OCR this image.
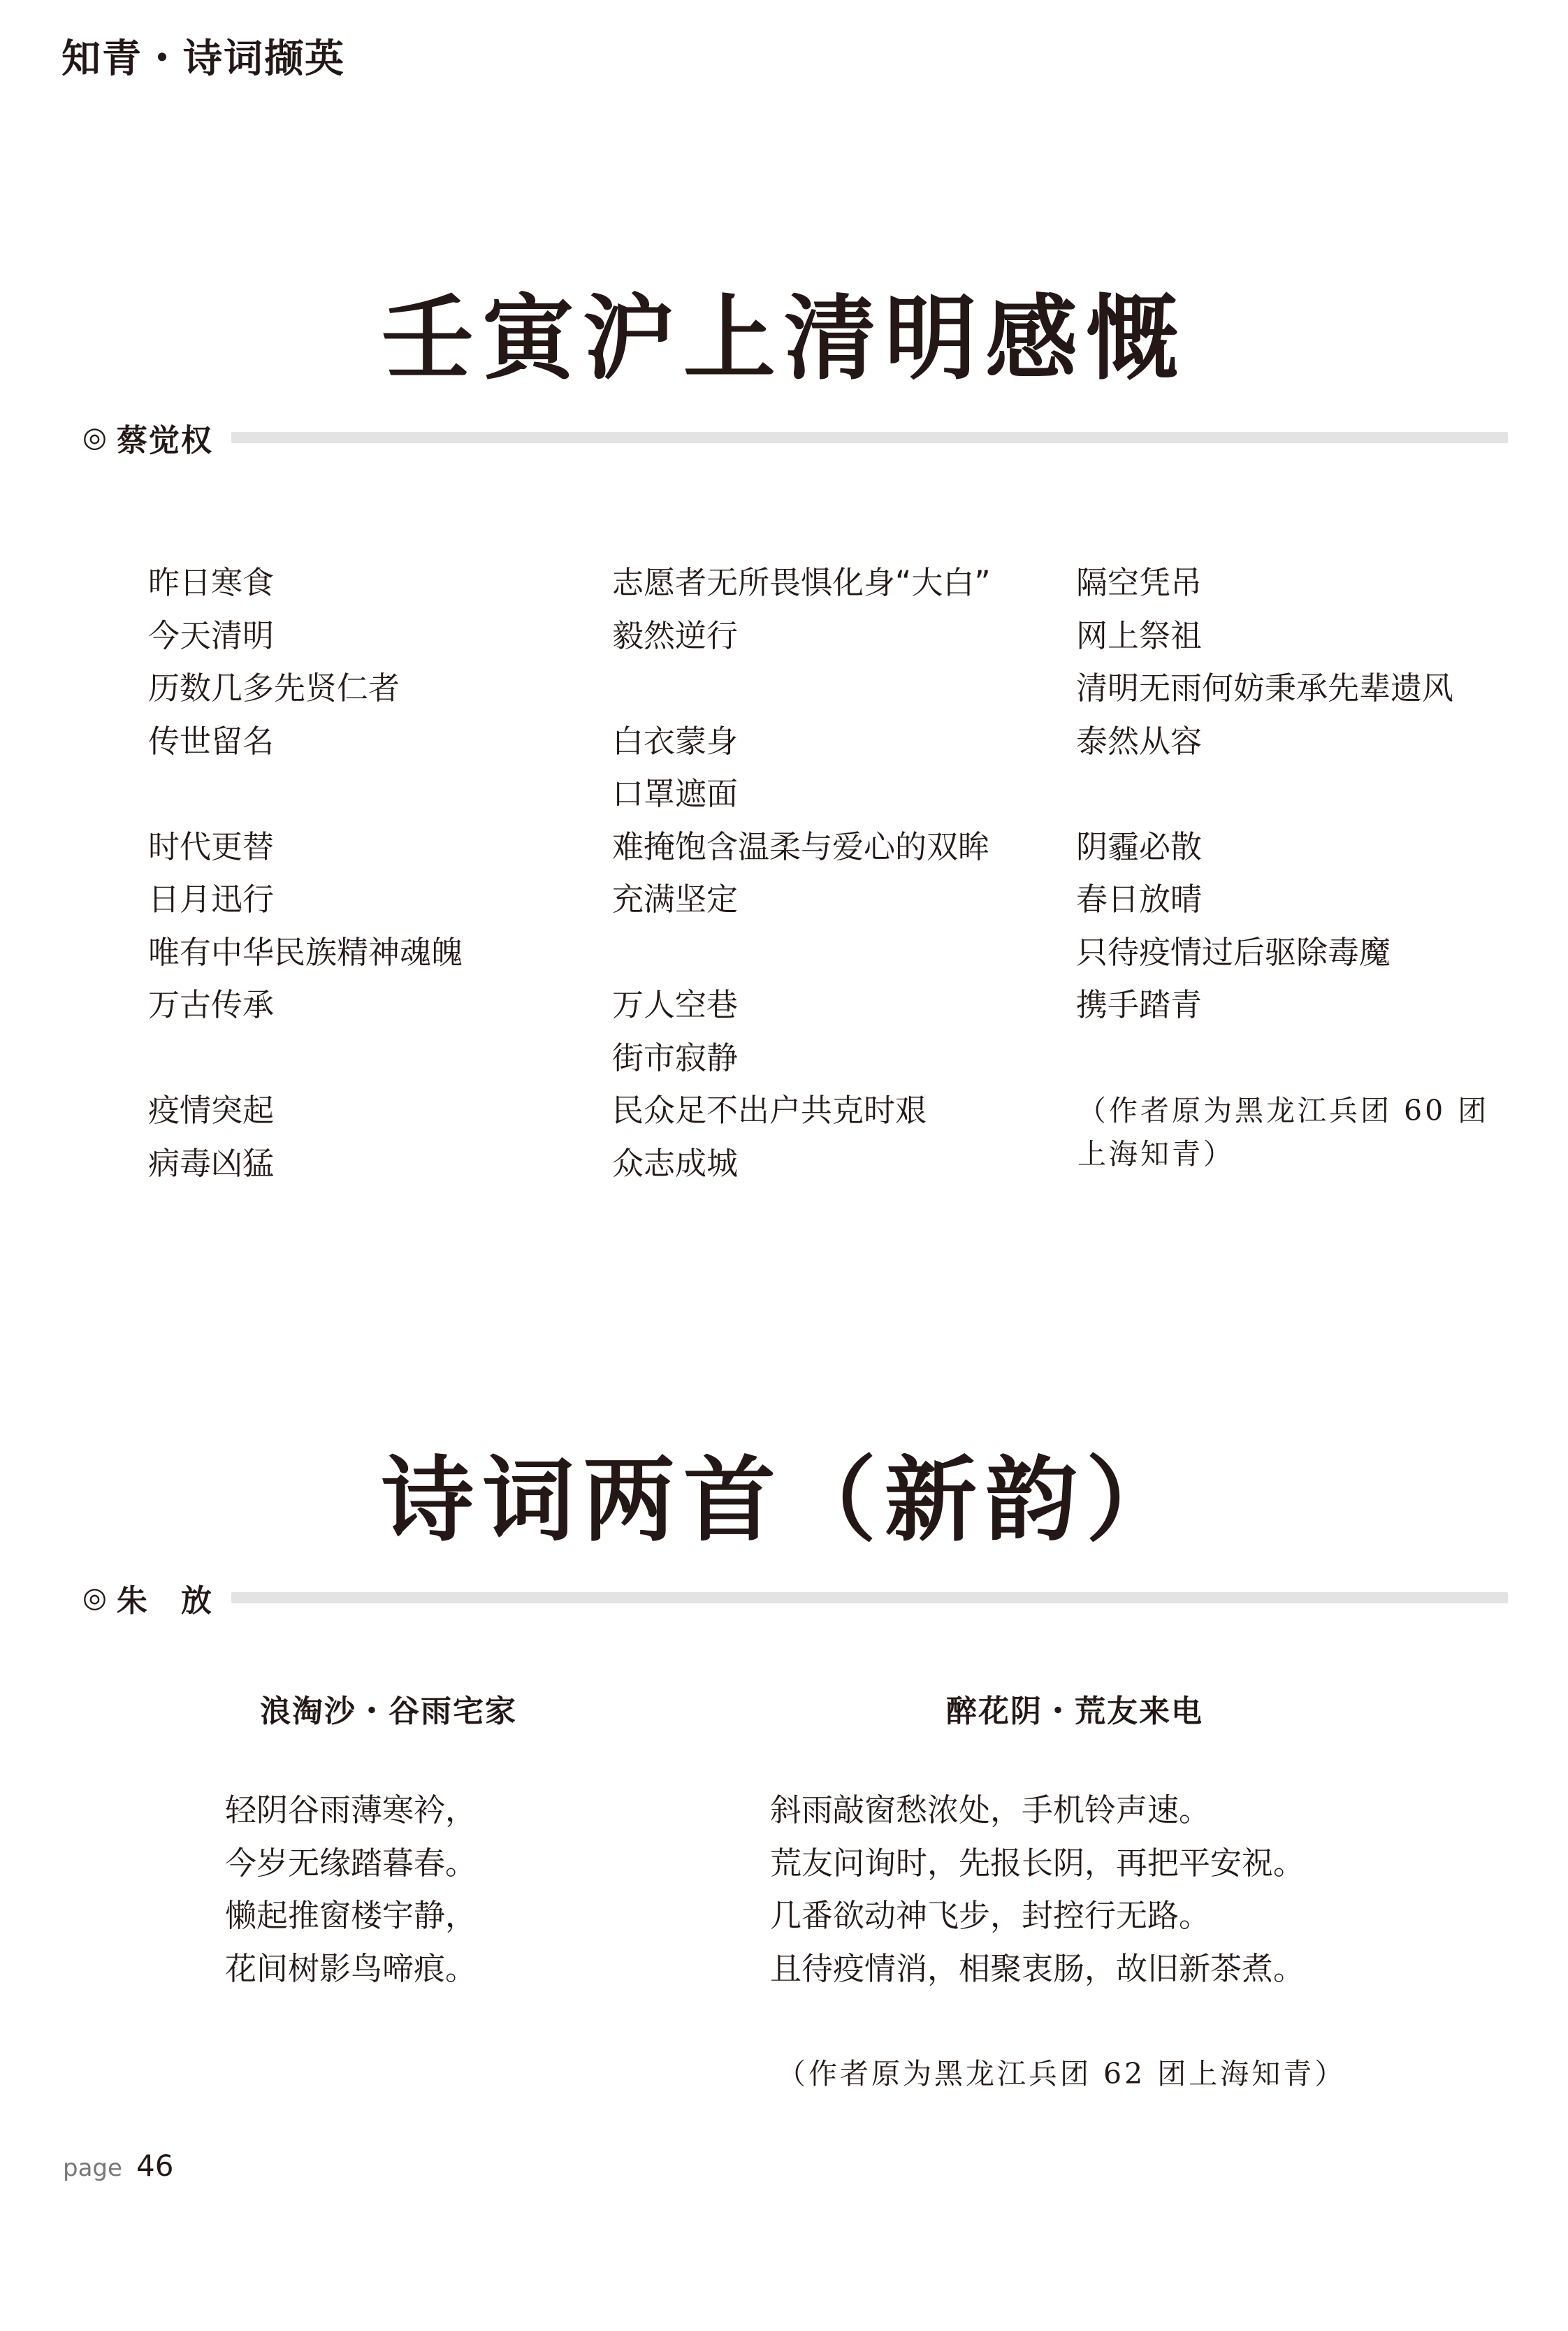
知青・诗词撷英
壬寅沪上清明感慨
◎ 蔡觉权
昨日寒食
今天清明
历数几多先贤仁者
传世留名
时代更替
日月迅行
唯有中华民族精神魂魄
万古传承
疫情突起
病毒凶猛
志愿者无所畏惧化身“大白”
毅然逆行
白衣蒙身
口罩遮面
难掩饱含温柔与爱心的双眸
充满坚定
万人空巷
街市寂静
民众足不出户共克时艰
众志成城
隔空凭吊
网上祭祖
清明无雨何妨秉承先辈遗风
泰然从容
阴霾必散
春日放晴
只待疫情过后驱除毒魔
携手踏青
（作者原为黑龙江兵团 60 团
上海知青）
诗词两首（新韵）
◎ 朱　放
浪淘沙・谷雨宅家	醉花阴・荒友来电
轻阴谷雨薄寒衿，
今岁无缘踏暮春。
懒起推窗楼宇静，
花间树影鸟啼痕。
斜雨敲窗愁浓处，手机铃声速。
荒友问询时，先报长阴，再把平安祝。
几番欲动神飞步，封控行无路。
且待疫情消，相聚衷肠，故旧新茶煮。
（作者原为黑龙江兵团 62 团上海知青）
page 46
